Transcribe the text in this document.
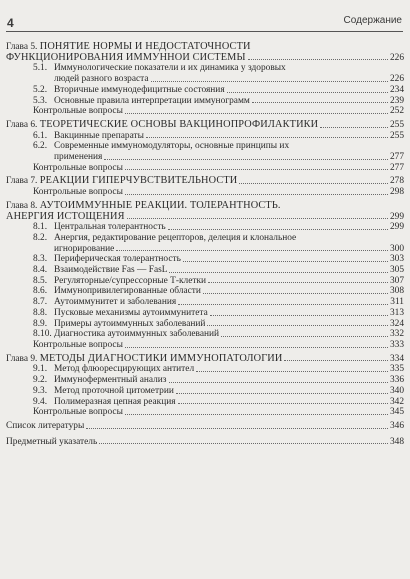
4	Содержание
Глава 5. ПОНЯТИЕ НОРМЫ И НЕДОСТАТОЧНОСТИ
ФУНКЦИОНИРОВАНИЯ ИММУННОЙ СИСТЕМЫ	226
5.1. Иммунологические показатели и их динамика у здоровых
людей разного возраста	226
5.2. Вторичные иммунодефицитные состояния	234
5.3. Основные правила интерпретации иммунограмм	239
Контрольные вопросы	252
Глава 6. ТЕОРЕТИЧЕСКИЕ ОСНОВЫ ВАКЦИНОПРОФИЛАКТИКИ	255
6.1. Вакцинные препараты	255
6.2. Современные иммуномодуляторы, основные принципы их
применения	277
Контрольные вопросы	277
Глава 7. РЕАКЦИИ ГИПЕРЧУВСТВИТЕЛЬНОСТИ	278
Контрольные вопросы	298
Глава 8. АУТОИММУННЫЕ РЕАКЦИИ. ТОЛЕРАНТНОСТЬ.
АНЕРГИЯ ИСТОЩЕНИЯ	299
8.1. Центральная толерантность	299
8.2. Анергия, редактирование рецепторов, делеция и клональное
игнорирование	300
8.3. Периферическая толерантность	303
8.4. Взаимодействие Fas — FasL	305
8.5. Регуляторные/супрессорные Т-клетки	307
8.6. Иммунопривилегированные области	308
8.7. Аутоиммунитет и заболевания	311
8.8. Пусковые механизмы аутоиммунитета	313
8.9. Примеры аутоиммунных заболеваний	324
8.10. Диагностика аутоиммунных заболеваний	332
Контрольные вопросы	333
Глава 9. МЕТОДЫ ДИАГНОСТИКИ ИММУНОПАТОЛОГИИ	334
9.1. Метод флюоресцирующих антител	335
9.2. Иммуноферментный анализ	336
9.3. Метод проточной цитометрии	340
9.4. Полимеразная цепная реакция	342
Контрольные вопросы	345
Список литературы	346
Предметный указатель	348
